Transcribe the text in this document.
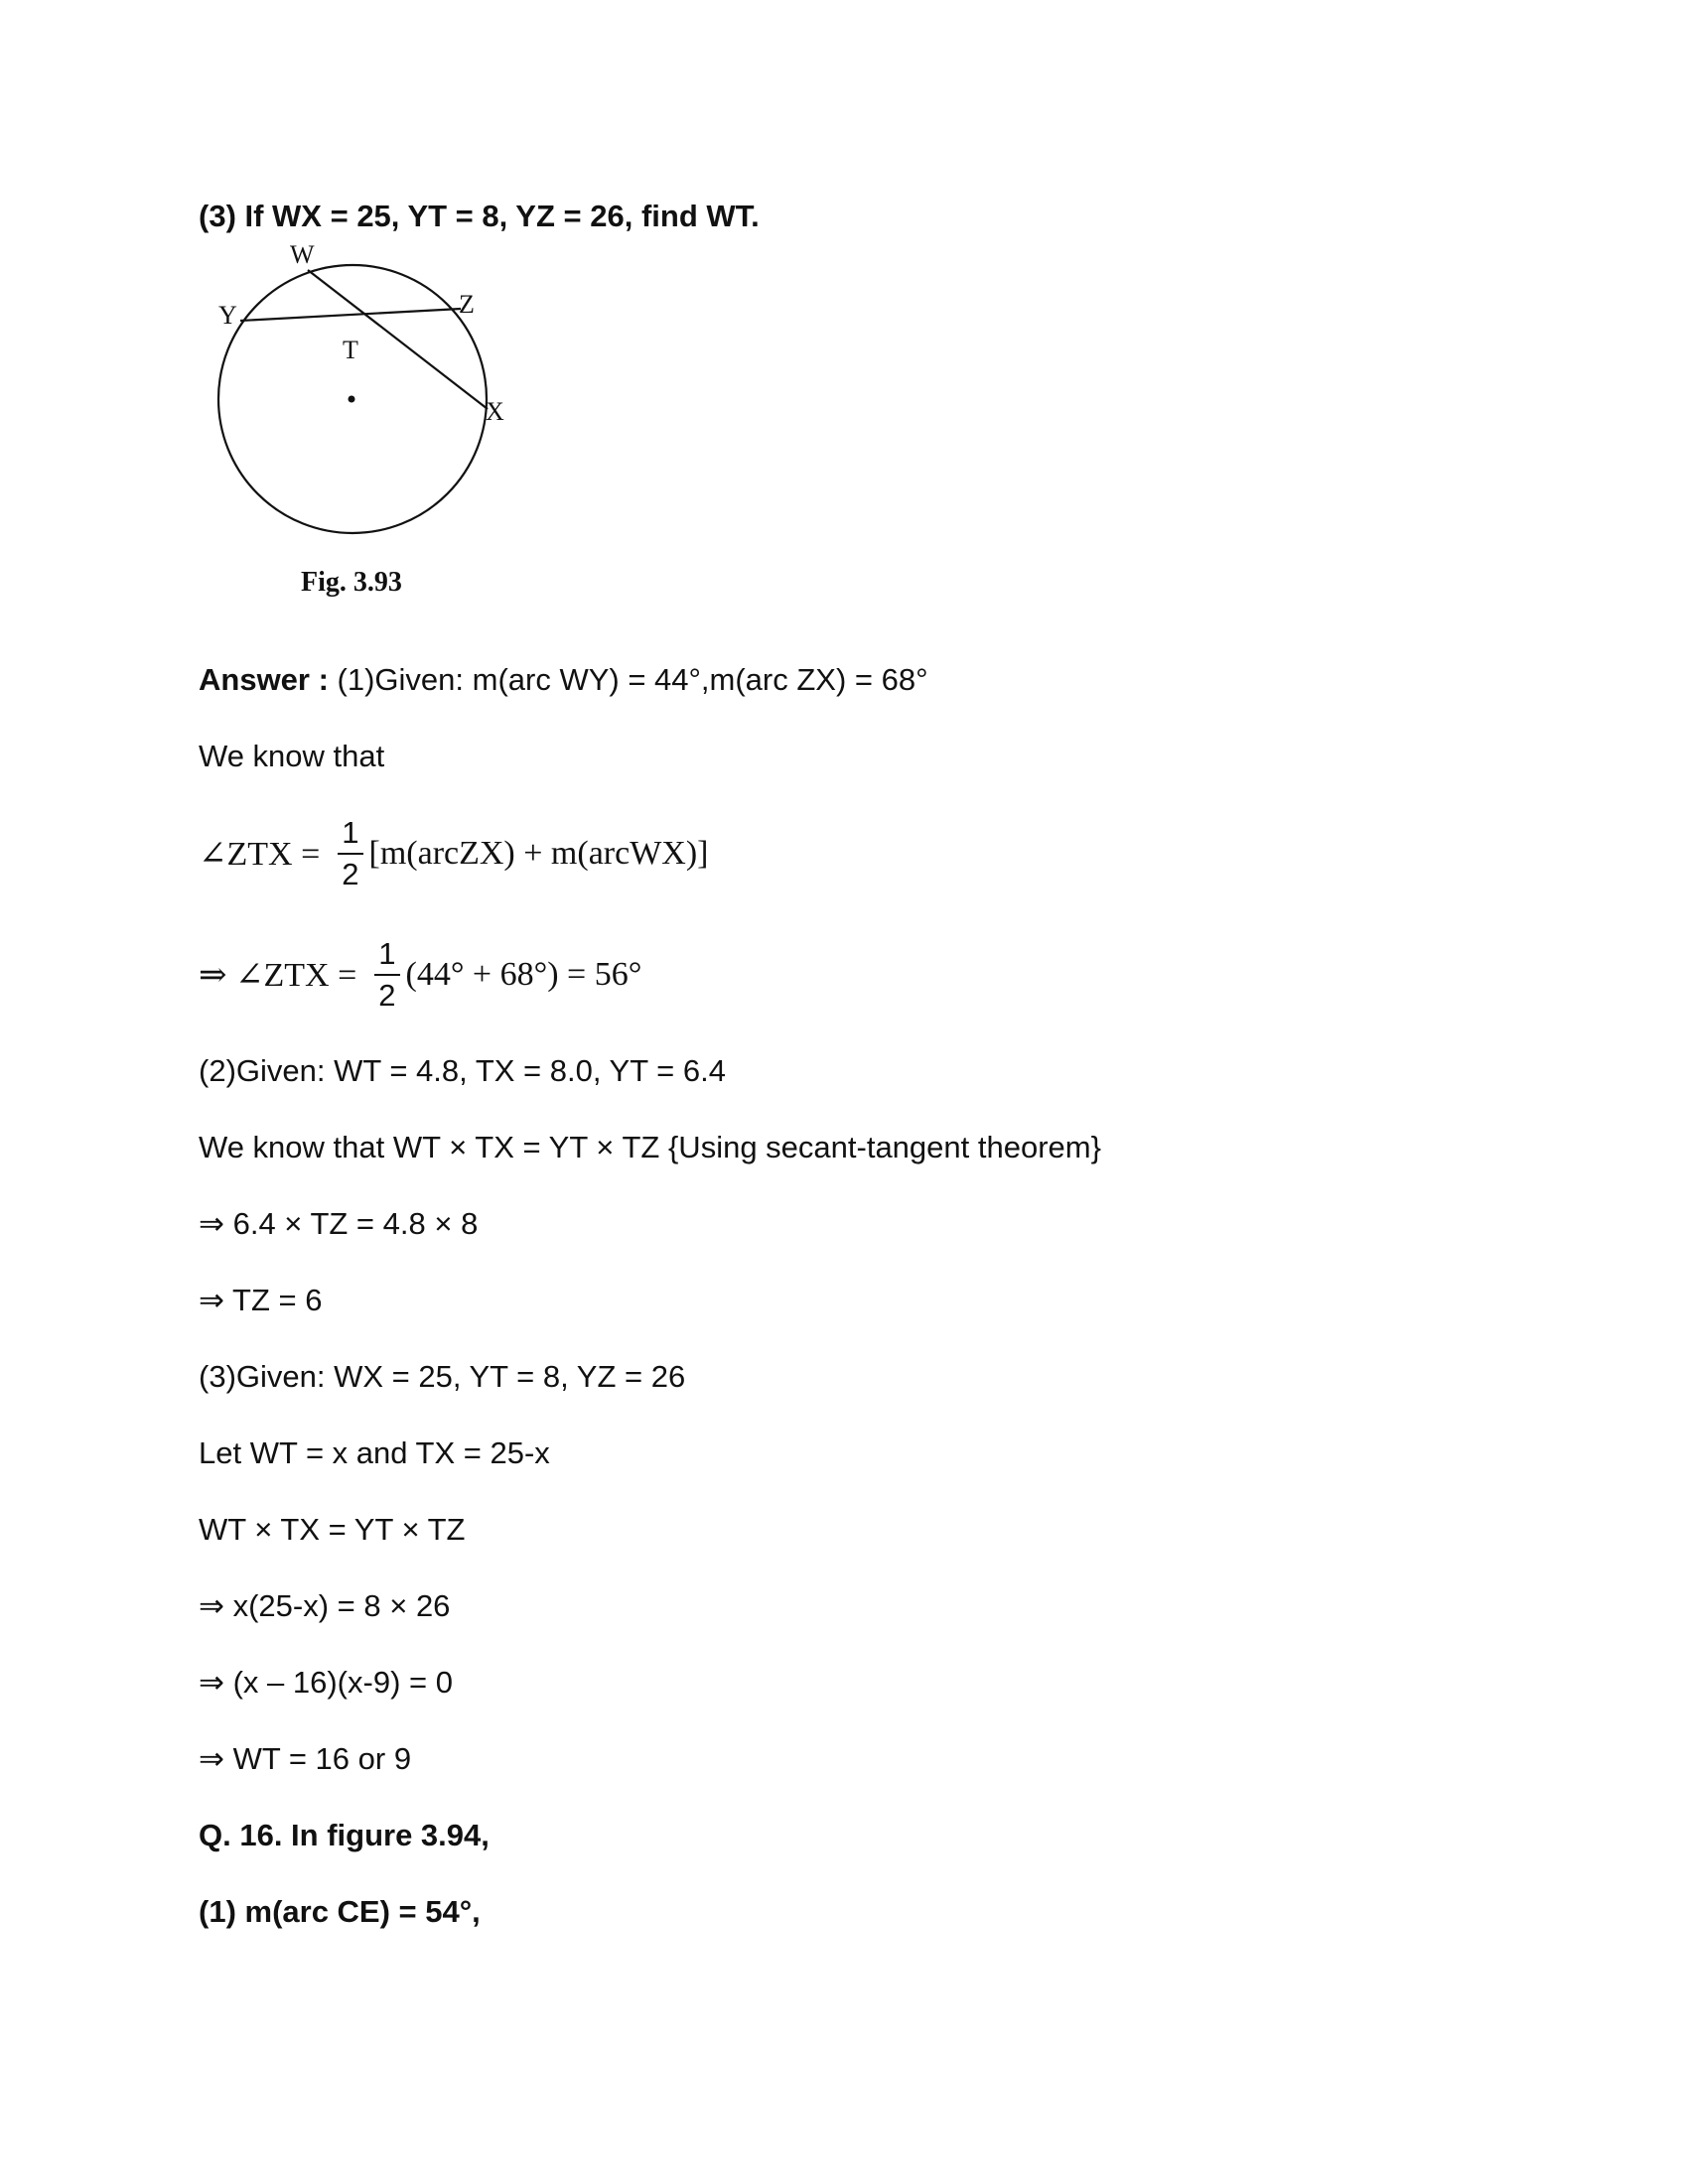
(3) If WX = 25, YT = 8, YZ = 26, find WT.
W
Y	Z
T
X
Fig. 3.93
Answer : (1)Given: m(arc WY) = 44°,m(arc ZX) = 68°
We know that
∠ZTX = $\frac{1}{2}$ [m(arcZX) + m(arcWX)]
⇒ ∠ZTX = $\frac{1}{2} (44^\circ + 68^\circ) = 56^\circ$
(2)Given: WT = 4.8, TX = 8.0, YT = 6.4
We know that WT × TX = YT × TZ {Using secant-tangent theorem}
⇒ 6.4 × TZ = 4.8 × 8
⇒ TZ = 6
(3)Given: WX = 25, YT = 8, YZ = 26
Let WT = x and TX = 25-x
WT × TX = YT × TZ
⇒ x(25-x) = 8 × 26
⇒ (x – 16)(x-9) = 0
⇒ WT = 16 or 9
Q. 16. In figure 3.94,
(1) m(arc CE) = 54°,
